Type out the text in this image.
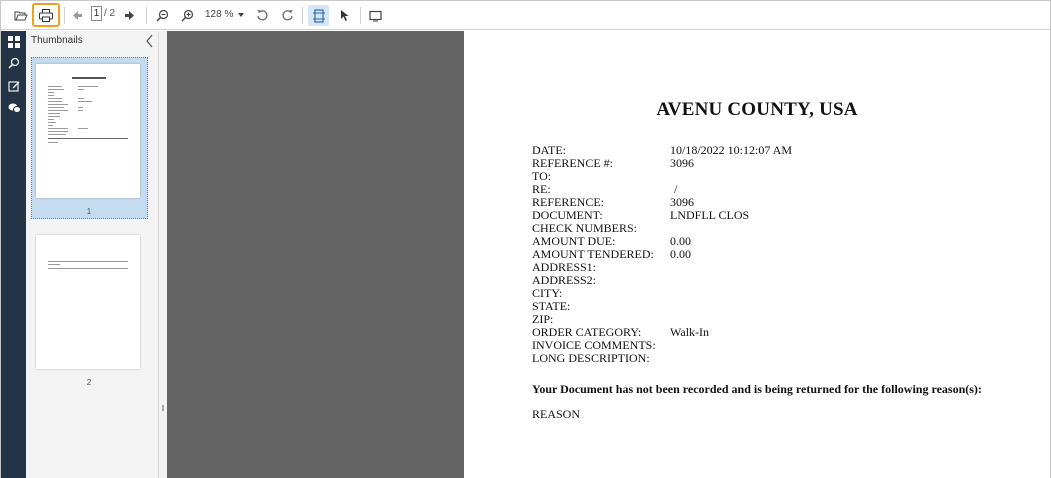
1 / 2	128 %
Thumbnails
1
2
AVENU COUNTY, USA
DATE:	10/18/2022 10:12:07 AM
REFERENCE #:	3096
TO:
RE:	/
REFERENCE:	3096
DOCUMENT:	LNDFLL CLOS
CHECK NUMBERS:
AMOUNT DUE:	0.00
AMOUNT TENDERED: 0.00
ADDRESS1:
ADDRESS2:
CITY:
STATE:
ZIP:
ORDER CATEGORY: Walk-In
INVOICE COMMENTS:
LONG DESCRIPTION:
Your Document has not been recorded and is being returned for the following reason(s):
REASON
